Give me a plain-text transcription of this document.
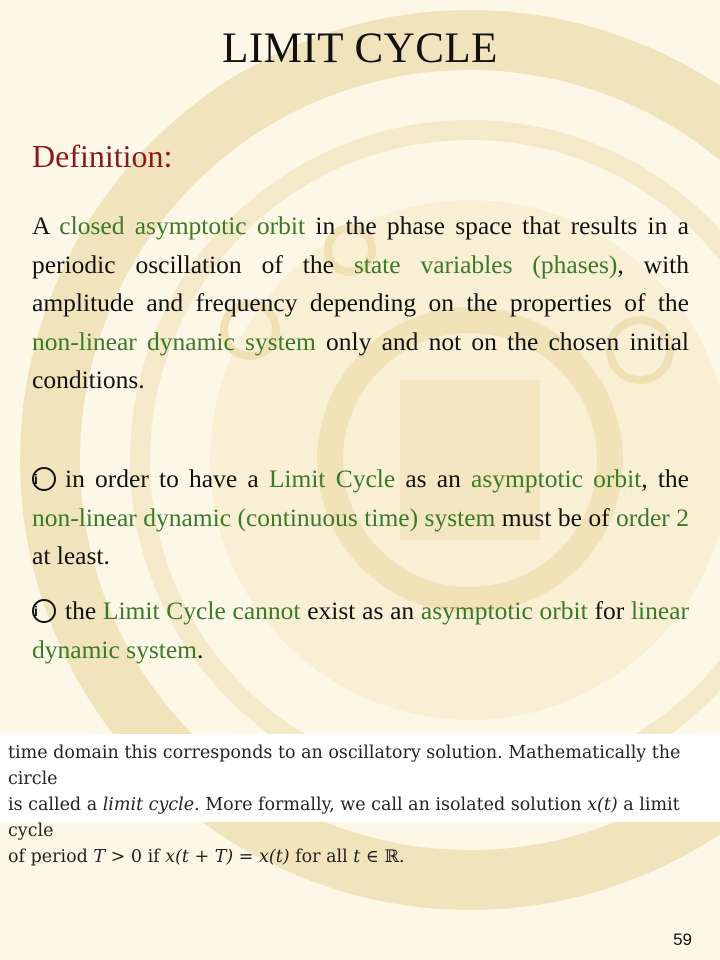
LIMIT CYCLE
Definition:

A closed asymptotic orbit in the phase space that results in a periodic oscillation of the state variables (phases), with amplitude and frequency depending on the properties of the non-linear dynamic system only and not on the chosen initial conditions.

i in order to have a Limit Cycle as an asymptotic orbit, the non-linear dynamic (continuous time) system must be of order 2 at least.

i the Limit Cycle cannot exist as an asymptotic orbit for linear dynamic system.

time domain this corresponds to an oscillatory solution. Mathematically the circle
is called a limit cycle. More formally, we call an isolated solution x(t) a limit cycle
of period T > 0 if x(t + T) = x(t) for all t ∈ ℝ.

59
